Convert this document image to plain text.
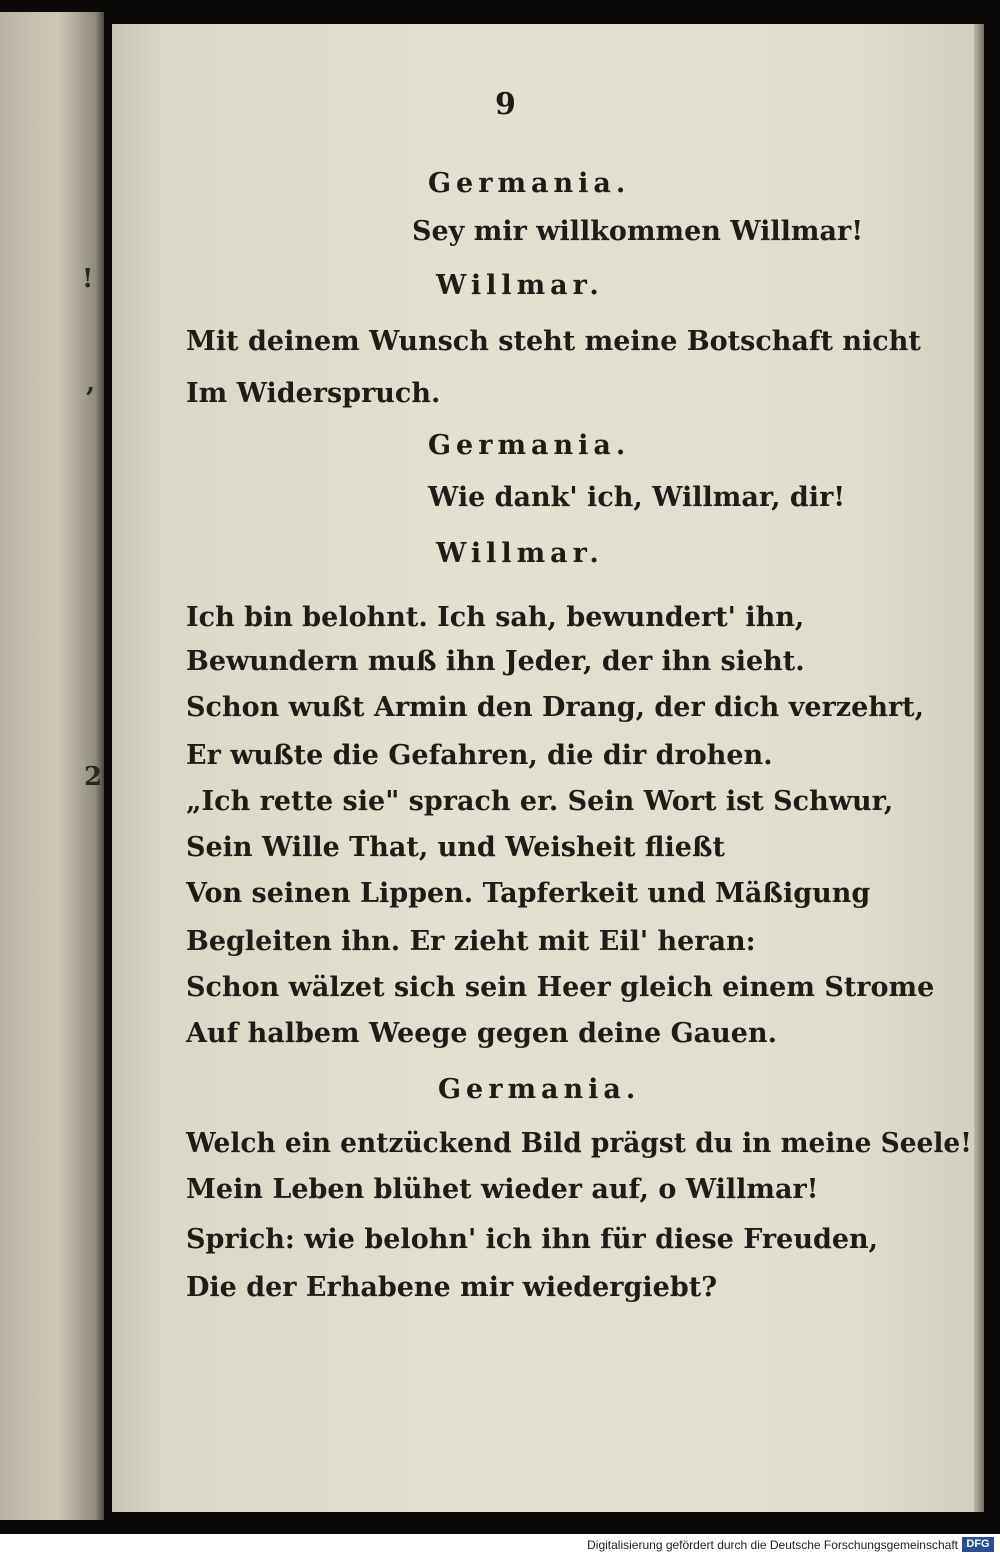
!
,
2
9
Germania.
Sey mir willkommen Willmar!
Willmar.
Mit deinem Wunsch steht meine Botschaft nicht
Im Widerspruch.
Germania.
Wie dank' ich, Willmar, dir!
Willmar.
Ich bin belohnt. Ich sah, bewundert' ihn,
Bewundern muß ihn Jeder, der ihn sieht.
Schon wußt Armin den Drang, der dich verzehrt,
Er wußte die Gefahren, die dir drohen.
„Ich rette sie" sprach er. Sein Wort ist Schwur,
Sein Wille That, und Weisheit fließt
Von seinen Lippen. Tapferkeit und Mäßigung
Begleiten ihn. Er zieht mit Eil' heran:
Schon wälzet sich sein Heer gleich einem Strome
Auf halbem Weege gegen deine Gauen.
Germania.
Welch ein entzückend Bild prägst du in meine Seele!
Mein Leben blühet wieder auf, o Willmar!
Sprich: wie belohn' ich ihn für diese Freuden,
Die der Erhabene mir wiedergiebt?
Digitalisierung gefördert durch die Deutsche Forschungsgemeinschaft DFG
